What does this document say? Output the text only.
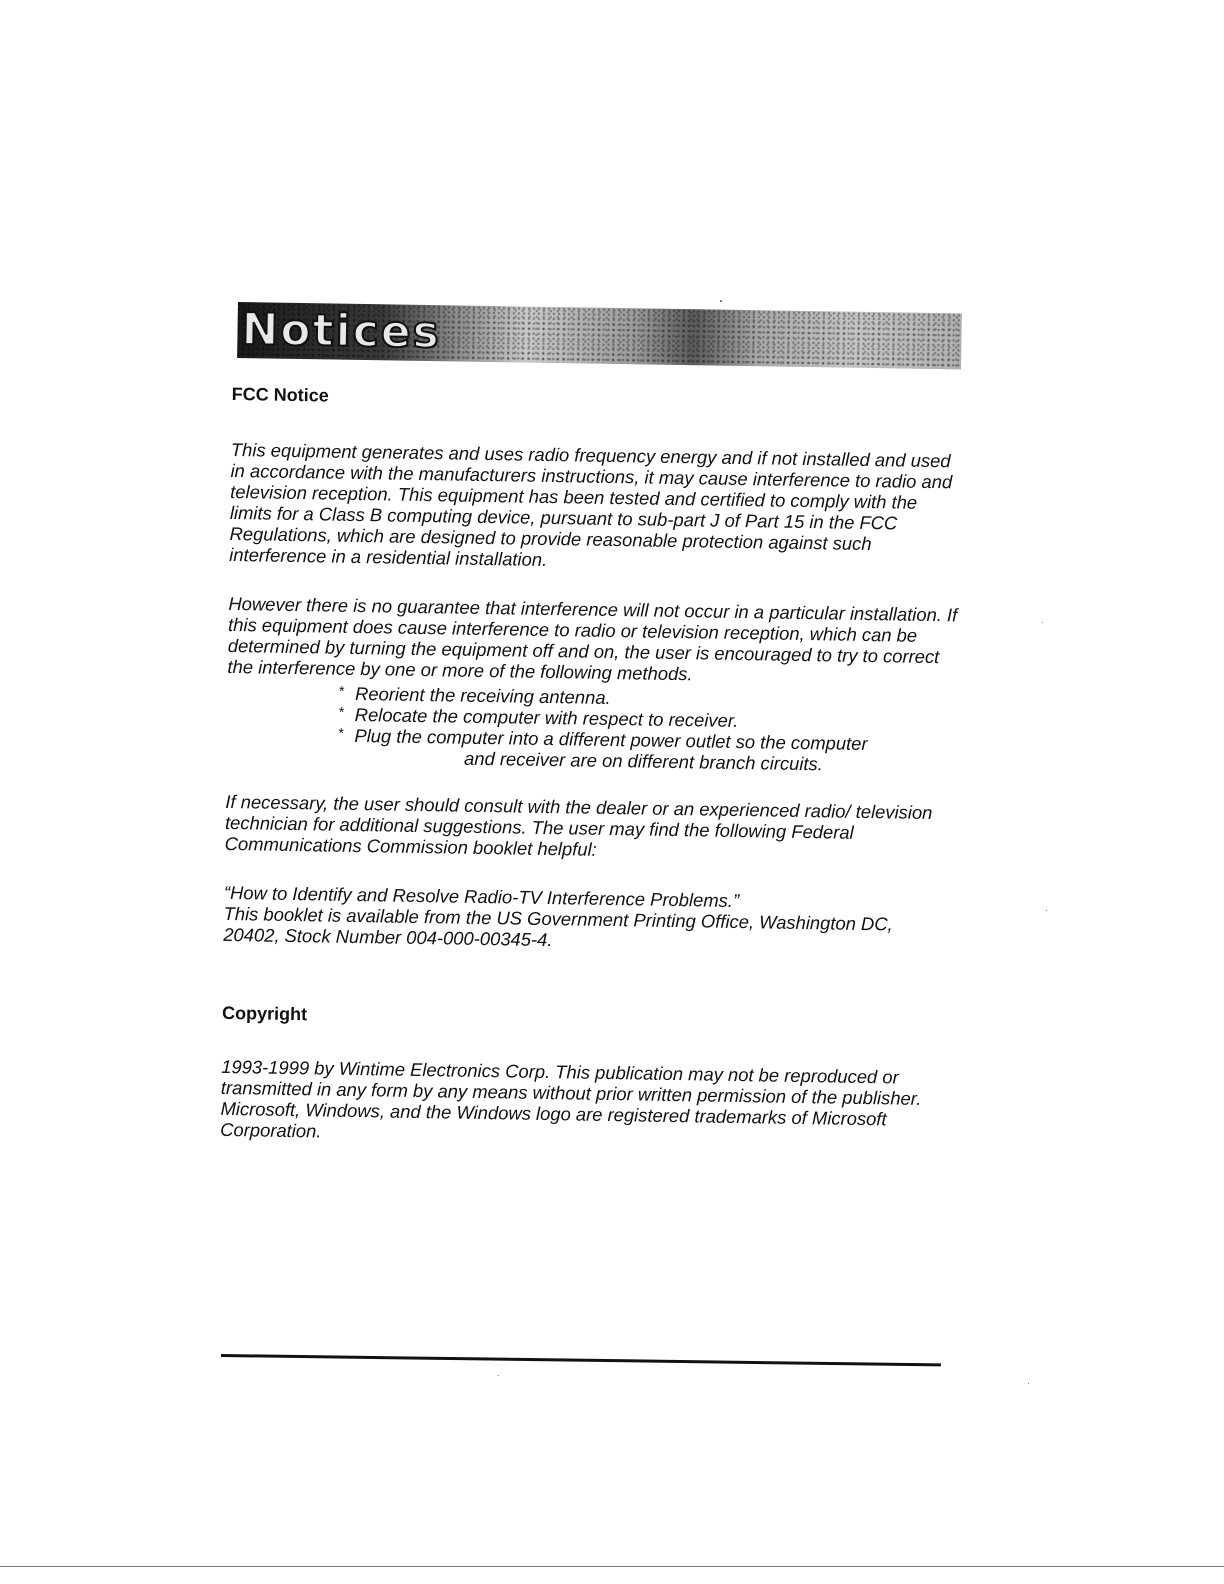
Notices
FCC Notice

This equipment generates and uses radio frequency energy and if not installed and used in accordance with the manufacturers instructions, it may cause interference to radio and television reception. This equipment has been tested and certified to comply with the limits for a Class B computing device, pursuant to sub-part J of Part 15 in the FCC Regulations, which are designed to provide reasonable protection against such interference in a residential installation.

However there is no guarantee that interference will not occur in a particular installation. If this equipment does cause interference to radio or television reception, which can be determined by turning the equipment off and on, the user is encouraged to try to correct the interference by one or more of the following methods.

* Reorient the receiving antenna.
* Relocate the computer with respect to receiver.
* Plug the computer into a different power outlet so the computer
and receiver are on different branch circuits.

If necessary, the user should consult with the dealer or an experienced radio/ television technician for additional suggestions. The user may find the following Federal Communications Commission booklet helpful:

“How to Identify and Resolve Radio-TV Interference Problems.”
This booklet is available from the US Government Printing Office, Washington DC, 20402, Stock Number 004-000-00345-4.
Copyright

1993-1999 by Wintime Electronics Corp. This publication may not be reproduced or transmitted in any form by any means without prior written permission of the publisher. Microsoft, Windows, and the Windows logo are registered trademarks of Microsoft Corporation.
